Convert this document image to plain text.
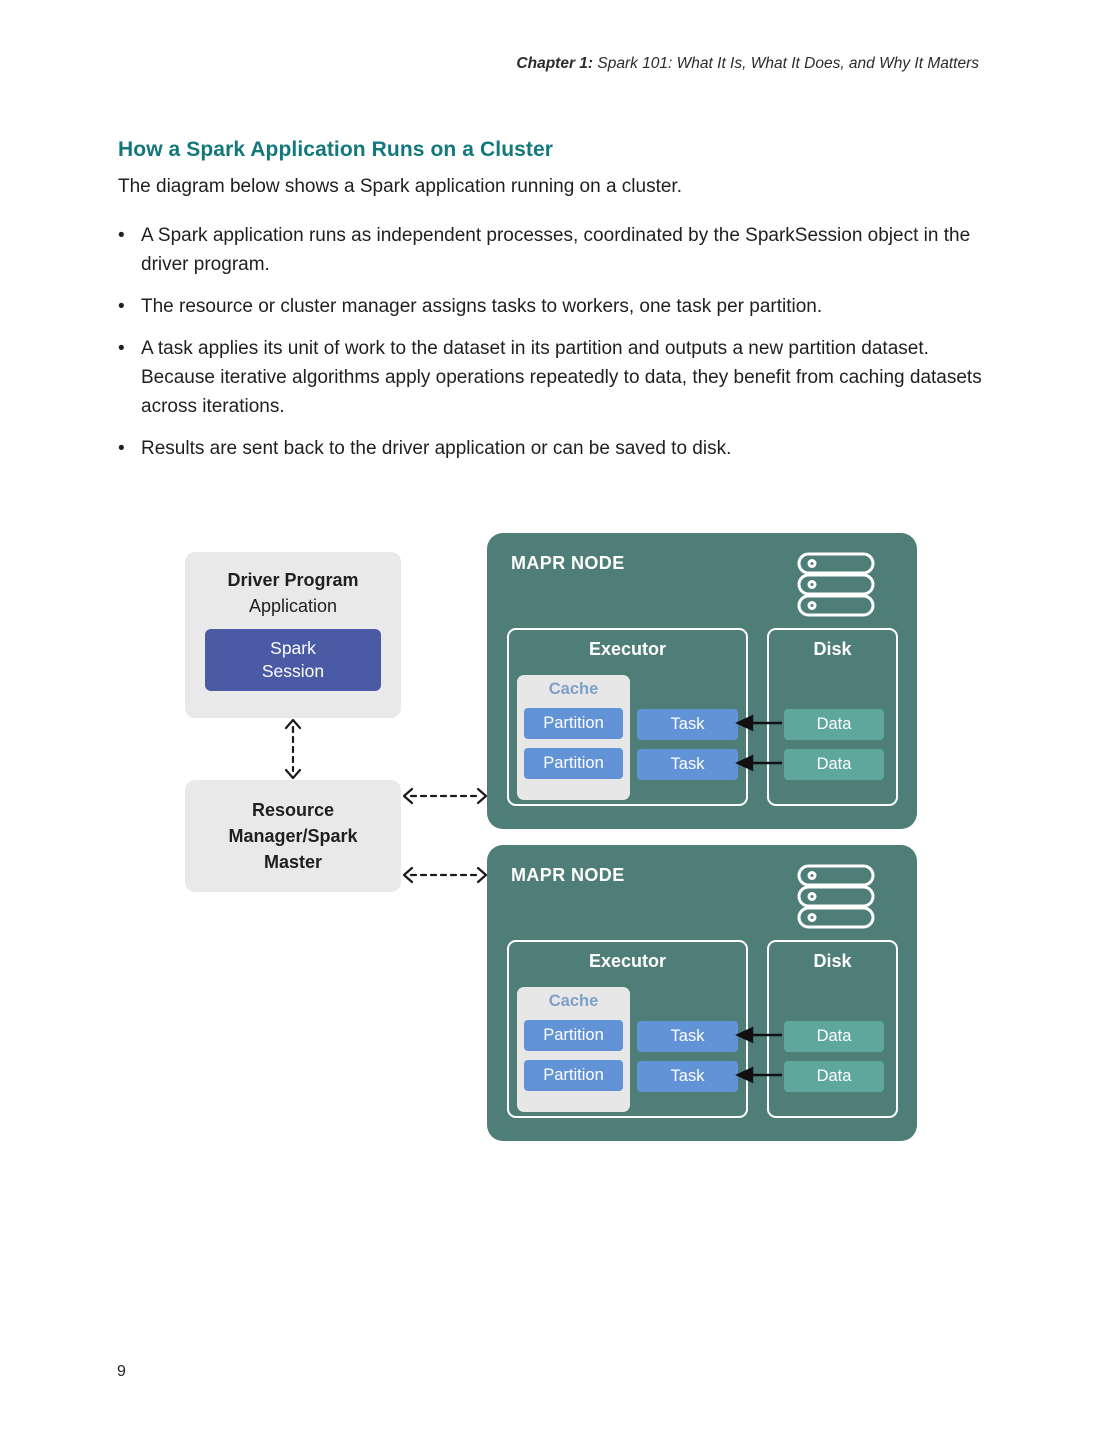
Chapter 1: Spark 101: What It Is, What It Does, and Why It Matters
How a Spark Application Runs on a Cluster

The diagram below shows a Spark application running on a cluster.

• A Spark application runs as independent processes, coordinated by the SparkSession object in the driver program.
• The resource or cluster manager assigns tasks to workers, one task per partition.
• A task applies its unit of work to the dataset in its partition and outputs a new partition dataset. Because iterative algorithms apply operations repeatedly to data, they benefit from caching datasets across iterations.
• Results are sent back to the driver application or can be saved to disk.
Driver Program
Application
Spark
Session
Resource
Manager/Spark
Master
MAPR NODE
Executor
Cache
Partition
Partition
Task
Task
Disk
Data
Data
MAPR NODE
Executor
Cache
Partition
Partition
Task
Task
Disk
Data
Data
9
